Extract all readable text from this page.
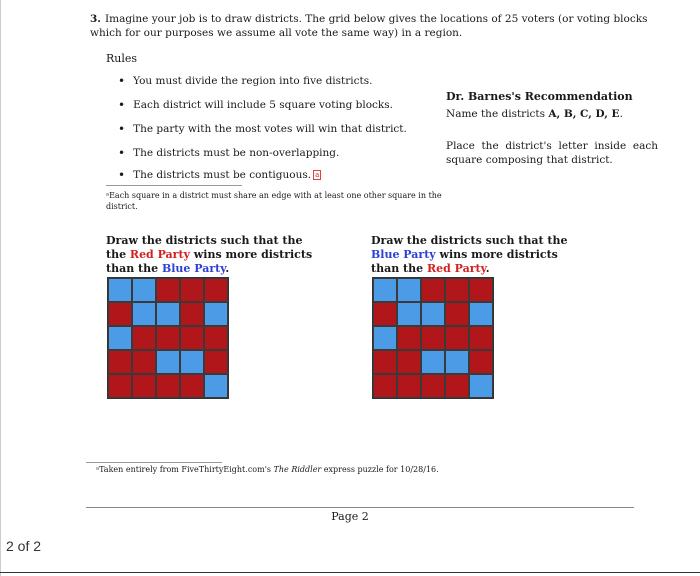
3. Imagine your job is to draw districts. The grid below gives the locations of 25 voters (or voting blocks which for our purposes we assume all vote the same way) in a region.
Rules
• You must divide the region into five districts.
• Each district will include 5 square voting blocks.
• The party with the most votes will win that district.
• The districts must be non-overlapping.
• The districts must be contiguous. a
ᵃEach square in a district must share an edge with at least one other square in the district.
Dr. Barnes's Recommendation
Name the districts A, B, C, D, E.
Place the district's letter inside each square composing that district.
Draw the districts such that the the Red Party wins more districts than the Blue Party.
Draw the districts such that the Blue Party wins more districts than the Red Party.
ᵃTaken entirely from FiveThirtyEight.com's The Riddler express puzzle for 10/28/16.
Page 2
2 of 2
